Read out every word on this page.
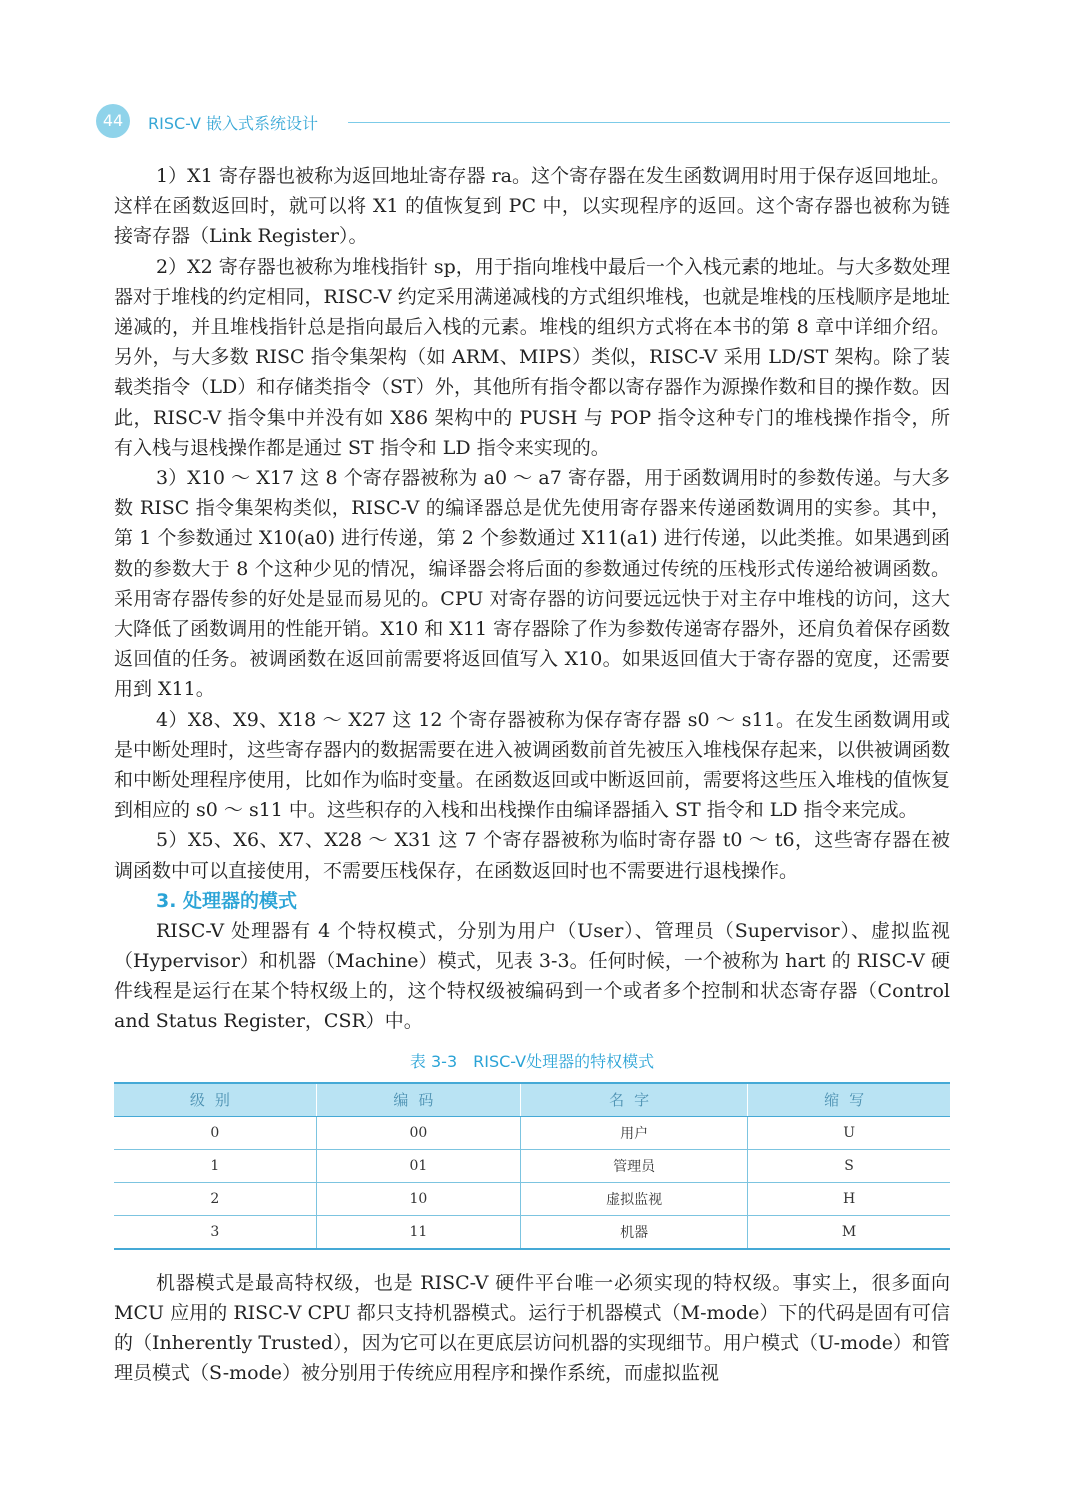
44	RISC-V 嵌入式系统设计

1）X1 寄存器也被称为返回地址寄存器 ra。这个寄存器在发生函数调用时用于保存返回地址。这样在函数返回时，就可以将 X1 的值恢复到 PC 中，以实现程序的返回。这个寄存器也被称为链接寄存器（Link Register）。

2）X2 寄存器也被称为堆栈指针 sp，用于指向堆栈中最后一个入栈元素的地址。与大多数处理器对于堆栈的约定相同，RISC-V 约定采用满递减栈的方式组织堆栈，也就是堆栈的压栈顺序是地址递减的，并且堆栈指针总是指向最后入栈的元素。堆栈的组织方式将在本书的第 8 章中详细介绍。另外，与大多数 RISC 指令集架构（如 ARM、MIPS）类似，RISC-V 采用 LD/ST 架构。除了装载类指令（LD）和存储类指令（ST）外，其他所有指令都以寄存器作为源操作数和目的操作数。因此，RISC-V 指令集中并没有如 X86 架构中的 PUSH 与 POP 指令这种专门的堆栈操作指令，所有入栈与退栈操作都是通过 ST 指令和 LD 指令来实现的。

3）X10 ～ X17 这 8 个寄存器被称为 a0 ～ a7 寄存器，用于函数调用时的参数传递。与大多数 RISC 指令集架构类似，RISC-V 的编译器总是优先使用寄存器来传递函数调用的实参。其中，第 1 个参数通过 X10(a0) 进行传递，第 2 个参数通过 X11(a1) 进行传递，以此类推。如果遇到函数的参数大于 8 个这种少见的情况，编译器会将后面的参数通过传统的压栈形式传递给被调函数。采用寄存器传参的好处是显而易见的。CPU 对寄存器的访问要远远快于对主存中堆栈的访问，这大大降低了函数调用的性能开销。X10 和 X11 寄存器除了作为参数传递寄存器外，还肩负着保存函数返回值的任务。被调函数在返回前需要将返回值写入 X10。如果返回值大于寄存器的宽度，还需要用到 X11。

4）X8、X9、X18 ～ X27 这 12 个寄存器被称为保存寄存器 s0 ～ s11。在发生函数调用或是中断处理时，这些寄存器内的数据需要在进入被调函数前首先被压入堆栈保存起来，以供被调函数和中断处理程序使用，比如作为临时变量。在函数返回或中断返回前，需要将这些压入堆栈的值恢复到相应的 s0 ～ s11 中。这些积存的入栈和出栈操作由编译器插入 ST 指令和 LD 指令来完成。

5）X5、X6、X7、X28 ～ X31 这 7 个寄存器被称为临时寄存器 t0 ～ t6，这些寄存器在被调函数中可以直接使用，不需要压栈保存，在函数返回时也不需要进行退栈操作。

3. 处理器的模式

RISC-V 处理器有 4 个特权模式，分别为用户（User）、管理员（Supervisor）、虚拟监视（Hypervisor）和机器（Machine）模式，见表 3-3。任何时候，一个被称为 hart 的 RISC-V 硬件线程是运行在某个特权级上的，这个特权级被编码到一个或者多个控制和状态寄存器（Control and Status Register，CSR）中。

表 3-3　RISC-V处理器的特权模式
级别	编码	名字	缩写
0	00	用户	U
1	01	管理员	S
2	10	虚拟监视	H
3	11	机器	M

机器模式是最高特权级，也是 RISC-V 硬件平台唯一必须实现的特权级。事实上，很多面向 MCU 应用的 RISC-V CPU 都只支持机器模式。运行于机器模式（M-mode）下的代码是固有可信的（Inherently Trusted），因为它可以在更底层访问机器的实现细节。用户模式（U-mode）和管理员模式（S-mode）被分别用于传统应用程序和操作系统，而虚拟监视
